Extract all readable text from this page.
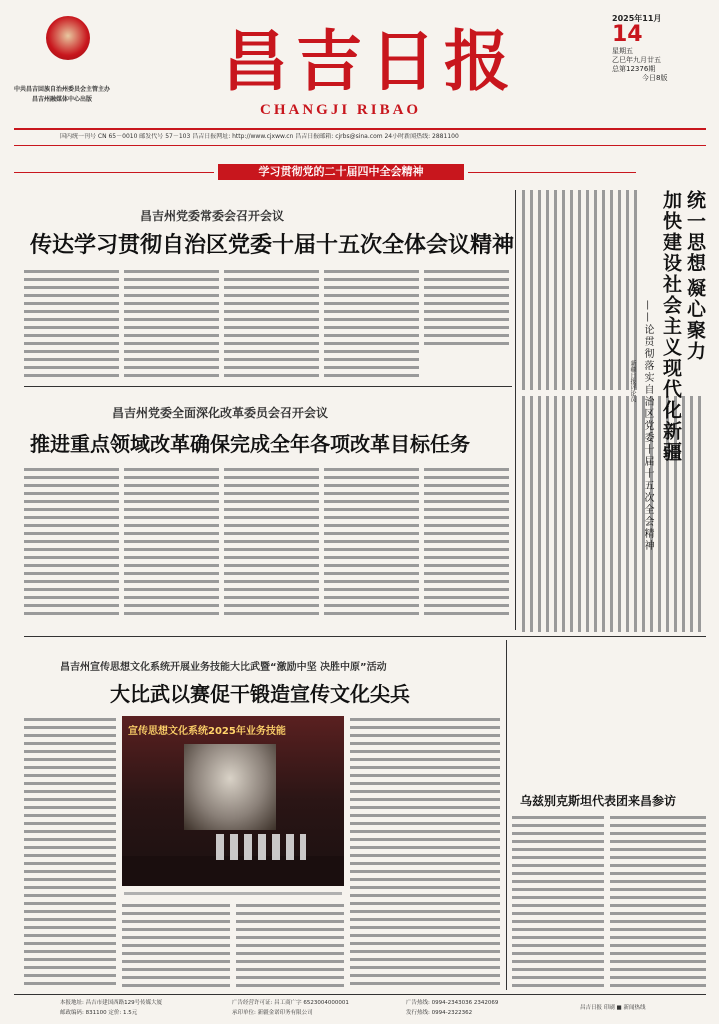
中共昌吉回族自治州委员会主管主办
昌吉州融媒体中心出版	昌吉日报
CHANGJI RIBAO
2025年11月
14
星期五
乙巳年九月廿五
总第12376期
今日8版
国内统一刊号 CN 65－0010 邮发代号 57－103 昌吉日报网址: http://www.cjxww.cn 昌吉日报邮箱: cjrbs@sina.com 24小时新闻热线: 2881100
学习贯彻党的二十届四中全会精神
昌吉州党委常委会召开会议
传达学习贯彻自治区党委十届十五次全体会议精神
昌吉州党委全面深化改革委员会召开会议
推进重点领域改革确保完成全年各项改革目标任务
统一思想
凝心聚力
加快建设社会主义现代化新疆
——论贯彻落实自治区党委十届十五次全会精神
新疆日报评论员
昌吉州宣传思想文化系统开展业务技能大比武暨“激励中坚 决胜中原”活动
大比武以赛促干锻造宣传文化尖兵
宣传思想文化系统2025年业务技能
乌兹别克斯坦代表团来昌参访
本报地址: 昌吉市建国西路129号传媒大厦
邮政编码: 831100 定价: 1.5元
广告经营许可证: 昌工商广字 6523004000001
承印单位: 新疆金诺印务有限公司
广告热线: 0994-2343036 2342069
发行热线: 0994-2322362
昌吉日报 印刷 ■ 新闻热线
